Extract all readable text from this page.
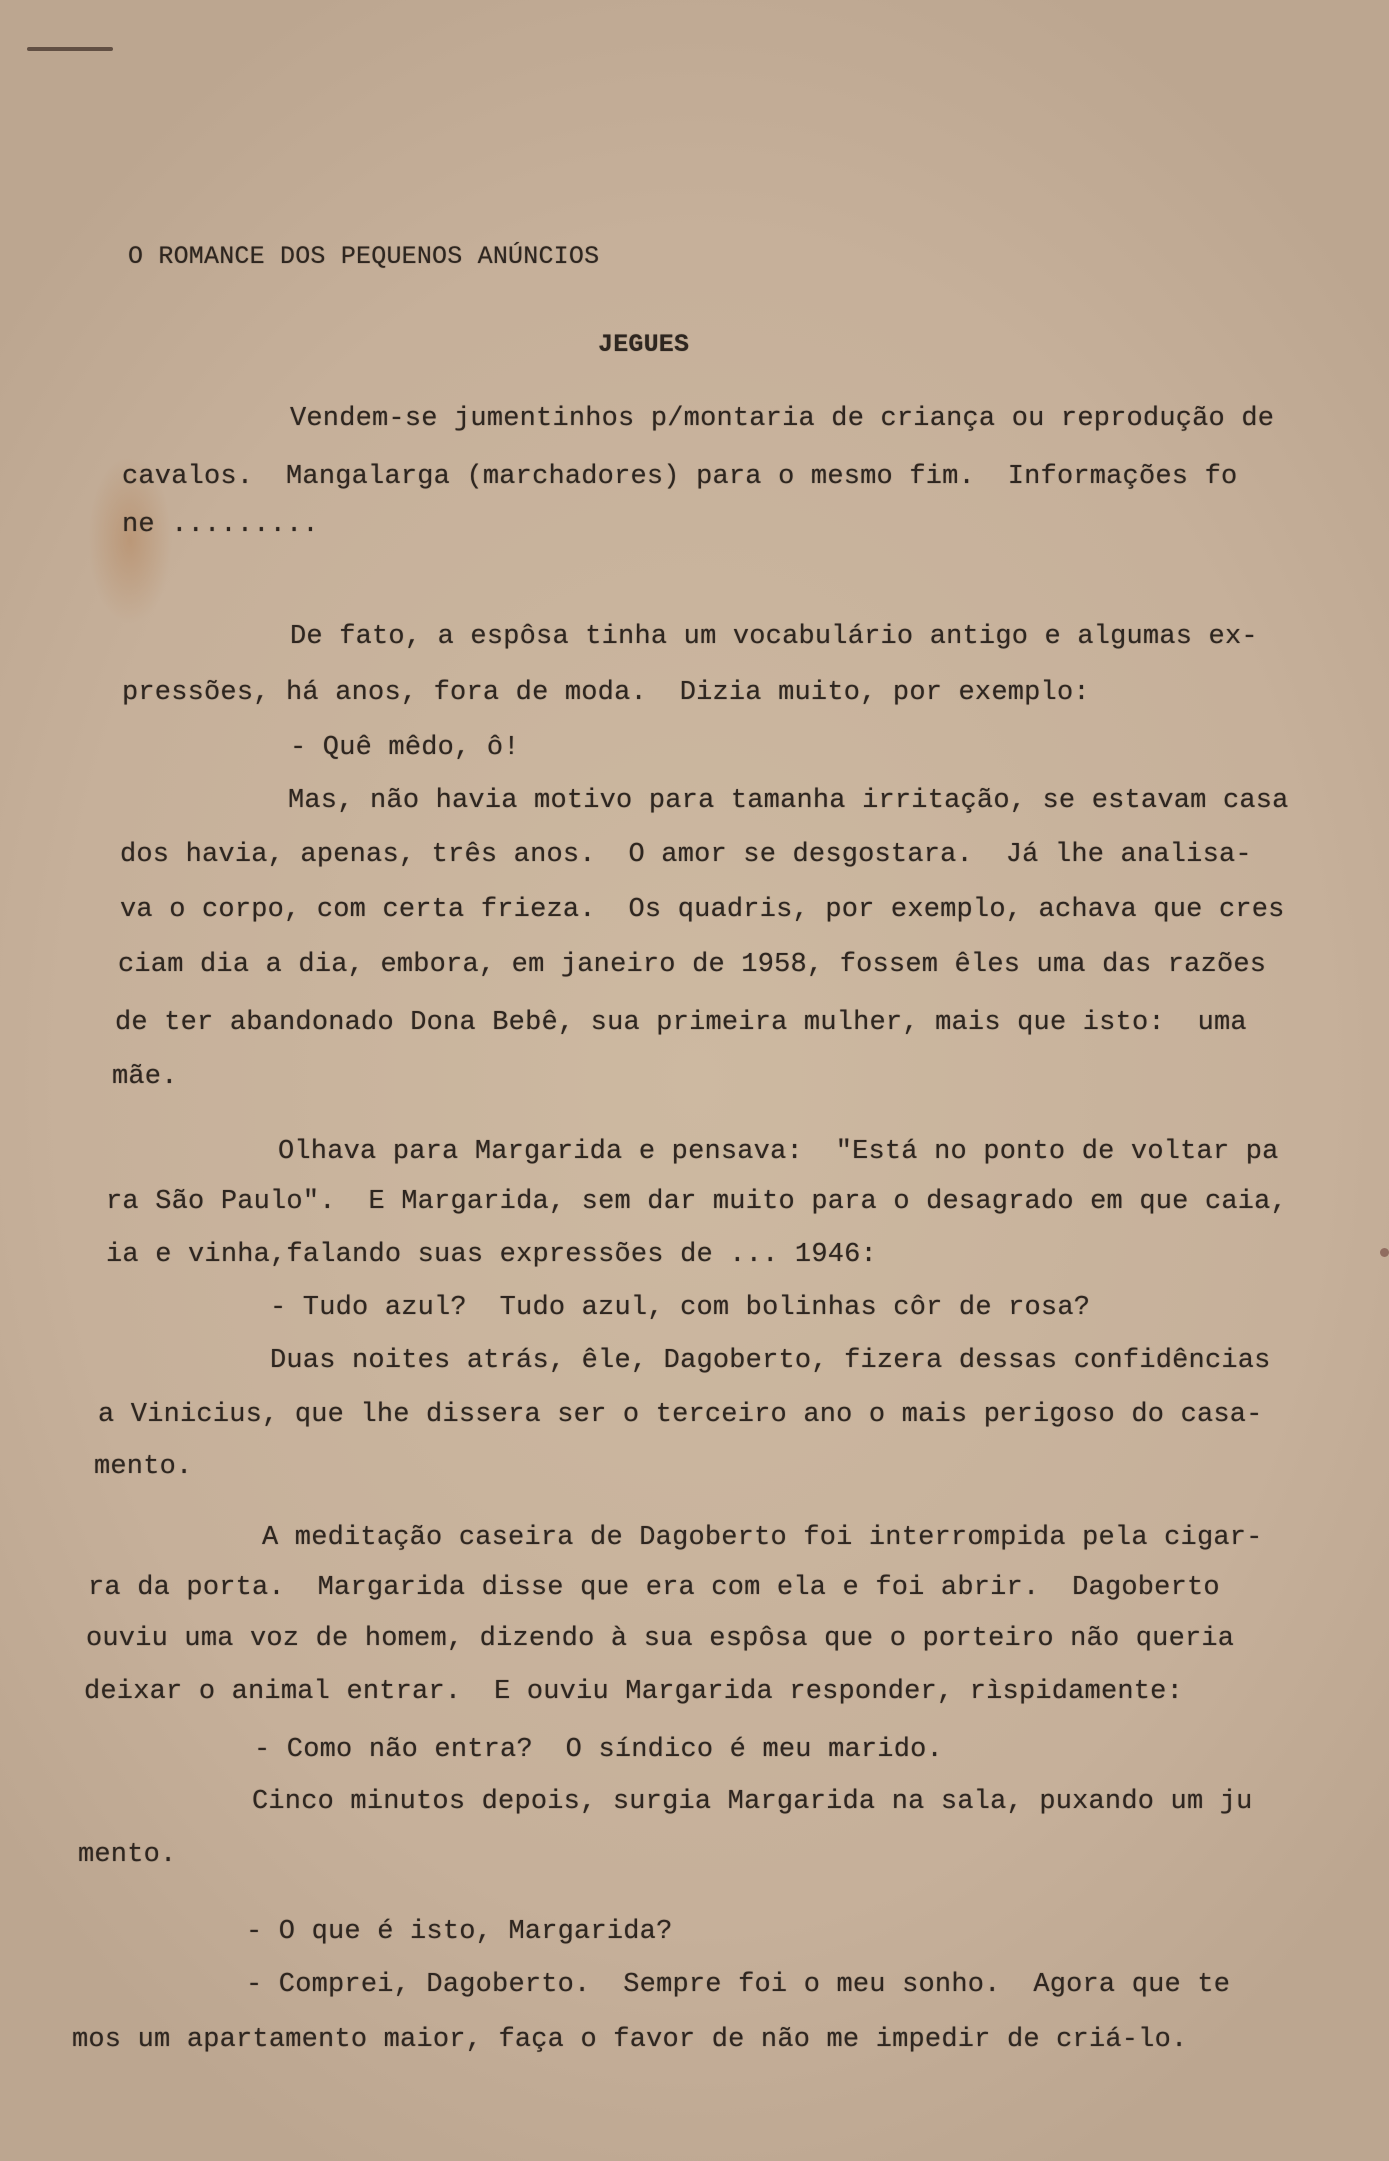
O ROMANCE DOS PEQUENOS ANÚNCIOS
JEGUES
Vendem-se jumentinhos p/montaria de criança ou reprodução de
cavalos.  Mangalarga (marchadores) para o mesmo fim.  Informações fo
ne .........
De fato, a espôsa tinha um vocabulário antigo e algumas ex-
pressões, há anos, fora de moda.  Dizia muito, por exemplo:
- Quê mêdo, ô!
Mas, não havia motivo para tamanha irritação, se estavam casa
dos havia, apenas, três anos.  O amor se desgostara.  Já lhe analisa-
va o corpo, com certa frieza.  Os quadris, por exemplo, achava que cres
ciam dia a dia, embora, em janeiro de 1958, fossem êles uma das razões
de ter abandonado Dona Bebê, sua primeira mulher, mais que isto:  uma
mãe.
Olhava para Margarida e pensava:  "Está no ponto de voltar pa
ra São Paulo".  E Margarida, sem dar muito para o desagrado em que caia,
ia e vinha,falando suas expressões de ... 1946:
- Tudo azul?  Tudo azul, com bolinhas côr de rosa?
Duas noites atrás, êle, Dagoberto, fizera dessas confidências
a Vinicius, que lhe dissera ser o terceiro ano o mais perigoso do casa-
mento.
A meditação caseira de Dagoberto foi interrompida pela cigar-
ra da porta.  Margarida disse que era com ela e foi abrir.  Dagoberto
ouviu uma voz de homem, dizendo à sua espôsa que o porteiro não queria
deixar o animal entrar.  E ouviu Margarida responder, rìspidamente:
- Como não entra?  O síndico é meu marido.
Cinco minutos depois, surgia Margarida na sala, puxando um ju
mento.
- O que é isto, Margarida?
- Comprei, Dagoberto.  Sempre foi o meu sonho.  Agora que te
mos um apartamento maior, faça o favor de não me impedir de criá-lo.
